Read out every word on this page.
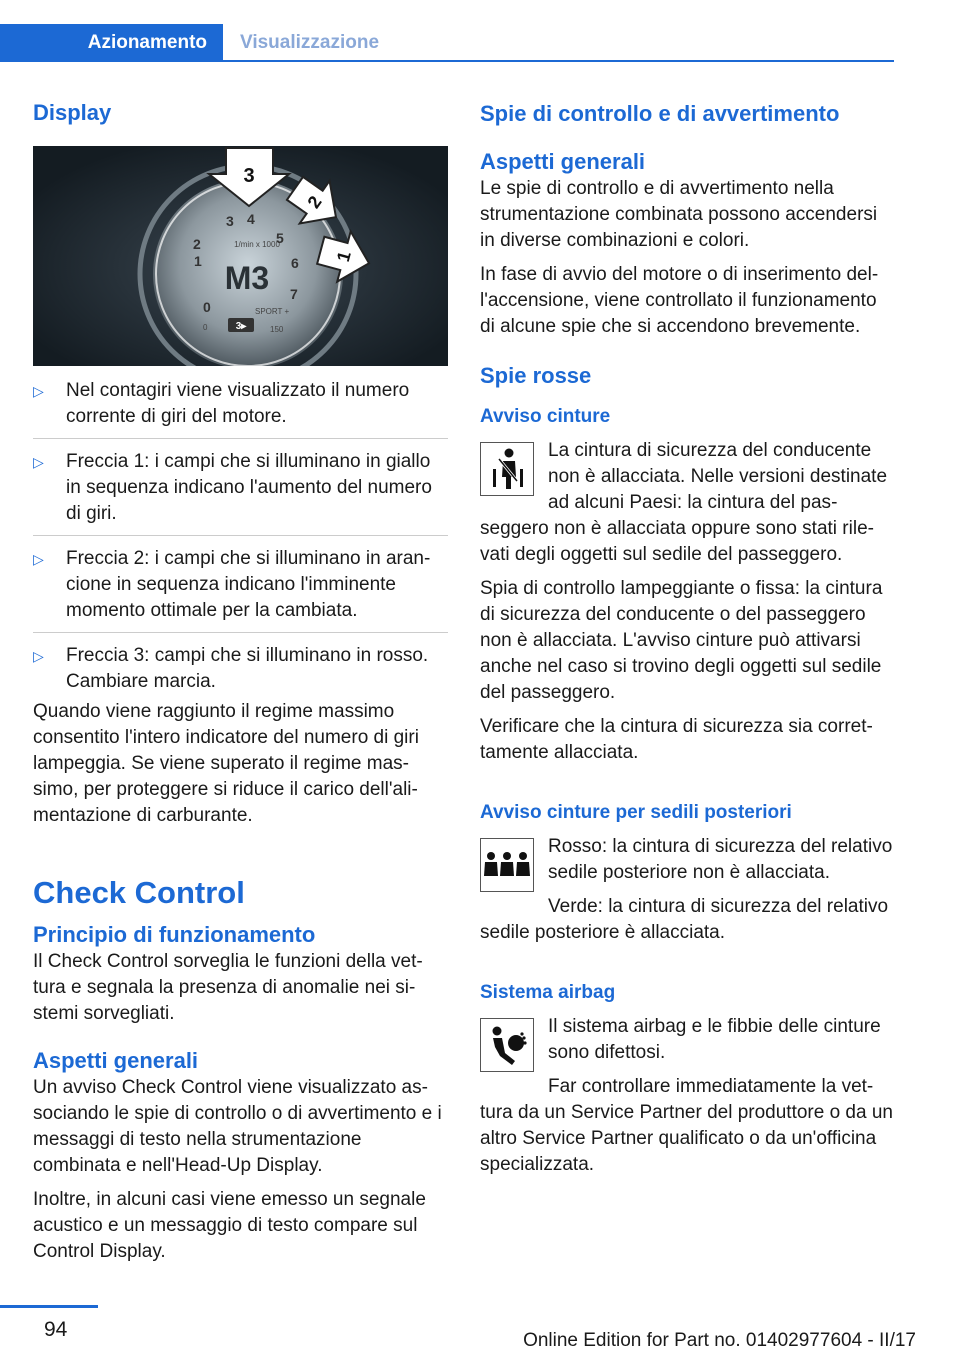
Azionamento	Visualizzazione
Display
M3
1/min x 1000
0
1
2
3 4
5
6
7
SPORT +
3▸
0	150
3
2
1
▷ Nel contagiri viene visualizzato il numero corrente di giri del motore.
▷ Freccia 1: i campi che si illuminano in giallo in sequenza indicano l'aumento del numero di giri.
▷ Freccia 2: i campi che si illuminano in arancione in sequenza indicano l'imminente momento ottimale per la cambiata.
▷ Freccia 3: campi che si illuminano in rosso. Cambiare marcia.

Quando viene raggiunto il regime massimo consentito l'intero indicatore del numero di giri lampeggia. Se viene superato il regime massimo, per proteggere si riduce il carico dell'alimentazione di carburante.

Check Control
Principio di funzionamento

Il Check Control sorveglia le funzioni della vettura e segnala la presenza di anomalie nei sistemi sorvegliati.

Aspetti generali

Un avviso Check Control viene visualizzato associando le spie di controllo o di avvertimento e i messaggi di testo nella strumentazione combinata e nell'Head-Up Display.

Inoltre, in alcuni casi viene emesso un segnale acustico e un messaggio di testo compare sul Control Display.

Spie di controllo e di avvertimento
Aspetti generali

Le spie di controllo e di avvertimento nella strumentazione combinata possono accendersi in diverse combinazioni e colori.

In fase di avvio del motore o di inserimento dell'accensione, viene controllato il funzionamento di alcune spie che si accendono brevemente.

Spie rosse
Avviso cinture

La cintura di sicurezza del conducente non è allacciata. Nelle versioni destinate ad alcuni Paesi: la cintura del passeggero non è allacciata oppure sono stati rilevati degli oggetti sul sedile del passeggero.

Spia di controllo lampeggiante o fissa: la cintura di sicurezza del conducente o del passeggero non è allacciata. L'avviso cinture può attivarsi anche nel caso si trovino degli oggetti sul sedile del passeggero.

Verificare che la cintura di sicurezza sia correttamente allacciata.

Avviso cinture per sedili posteriori

Rosso: la cintura di sicurezza del relativo sedile posteriore non è allacciata.

Verde: la cintura di sicurezza del relativo sedile posteriore è allacciata.

Sistema airbag

Il sistema airbag e le fibbie delle cinture sono difettosi.

Far controllare immediatamente la vettura da un Service Partner del produttore o da un altro Service Partner qualificato o da un'officina specializzata.

94	Online Edition for Part no. 01402977604 - II/17
